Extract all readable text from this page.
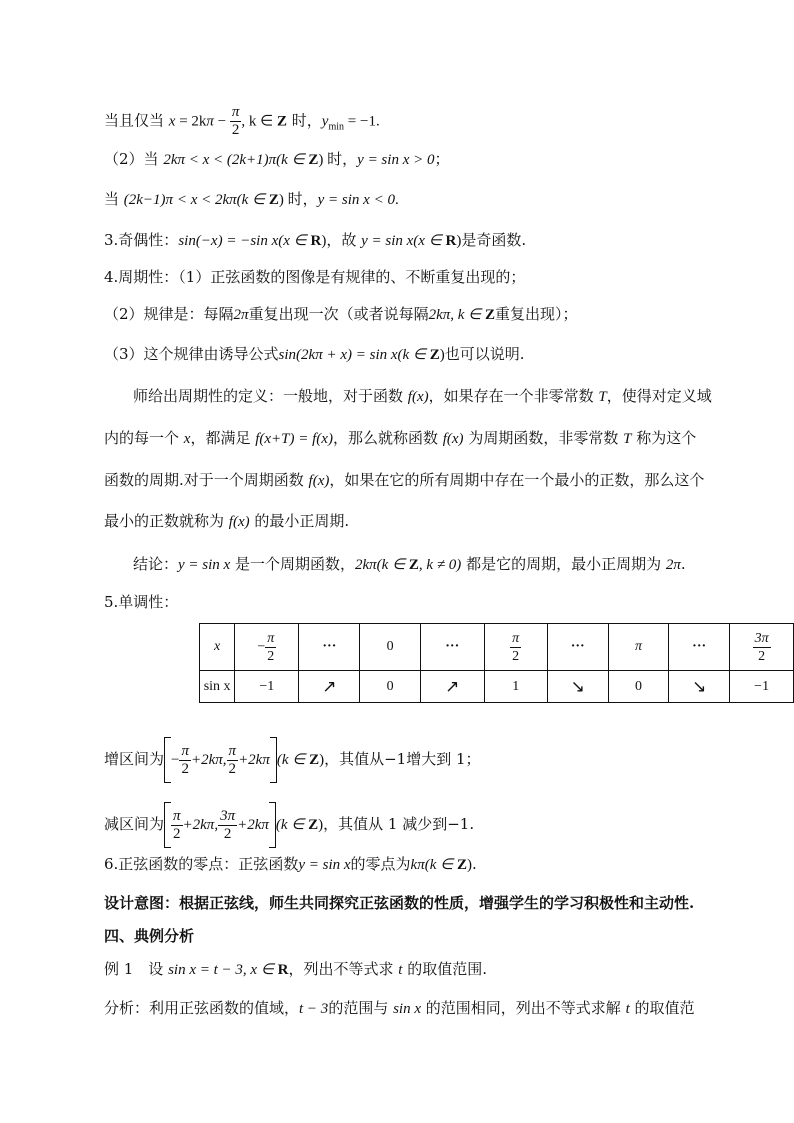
当且仅当 $x = 2k\pi - \frac{\pi}{2}$ , k ∈ Z 时，$y_{min} = -1$.
（2）当 2kπ < x < (2k+1)π(k ∈ Z) 时，y = sin x > 0；
当 (2k−1)π < x < 2kπ(k ∈ Z) 时，y = sin x < 0.
3.奇偶性：sin(−x) = −sin x(x ∈ R)，故 y = sin x(x ∈ R)是奇函数.
4.周期性：（1）正弦函数的图像是有规律的、不断重复出现的；
（2）规律是：每隔2π重复出现一次（或者说每隔2kπ, k ∈ Z重复出现）；
（3）这个规律由诱导公式sin(2kπ + x) = sin x(k ∈ Z)也可以说明.
师给出周期性的定义：一般地，对于函数 f(x)，如果存在一个非零常数 T，使得对定义域
内的每一个 x，都满足 f(x+T) = f(x)，那么就称函数 f(x) 为周期函数，非零常数 T 称为这个
函数的周期.对于一个周期函数 f(x)，如果在它的所有周期中存在一个最小的正数，那么这个
最小的正数就称为 f(x) 的最小正周期.
结论：y = sin x 是一个周期函数，2kπ(k ∈ Z, k ≠ 0) 都是它的周期，最小正周期为 2π.
5.单调性：
x	− $\frac{\pi}{2}$	···	0	···	$\frac{\pi}{2}$	···	π	···	$\frac{3\pi}{2}$

sin x	−1	↗	0	↗	1	↘	0	↘	−1
增区间为 − $\frac{\pi}{2} +2k\pi$, $\frac{\pi}{2} +2k\pi$ (k ∈ Z)，其值从−1增大到 1；
减区间为 $\frac{\pi}{2} +2k\pi$, $\frac{3\pi}{2} +2k\pi$ (k ∈ Z)，其值从 1 减少到−1.
6.正弦函数的零点：正弦函数y = sin x的零点为kπ(k ∈ Z).
设计意图：根据正弦线，师生共同探究正弦函数的性质，增强学生的学习积极性和主动性.
四、典例分析
例 1　设 sin x = t − 3, x ∈ R，列出不等式求 t 的取值范围.
分析：利用正弦函数的值域，t − 3的范围与 sin x 的范围相同，列出不等式求解 t 的取值范
